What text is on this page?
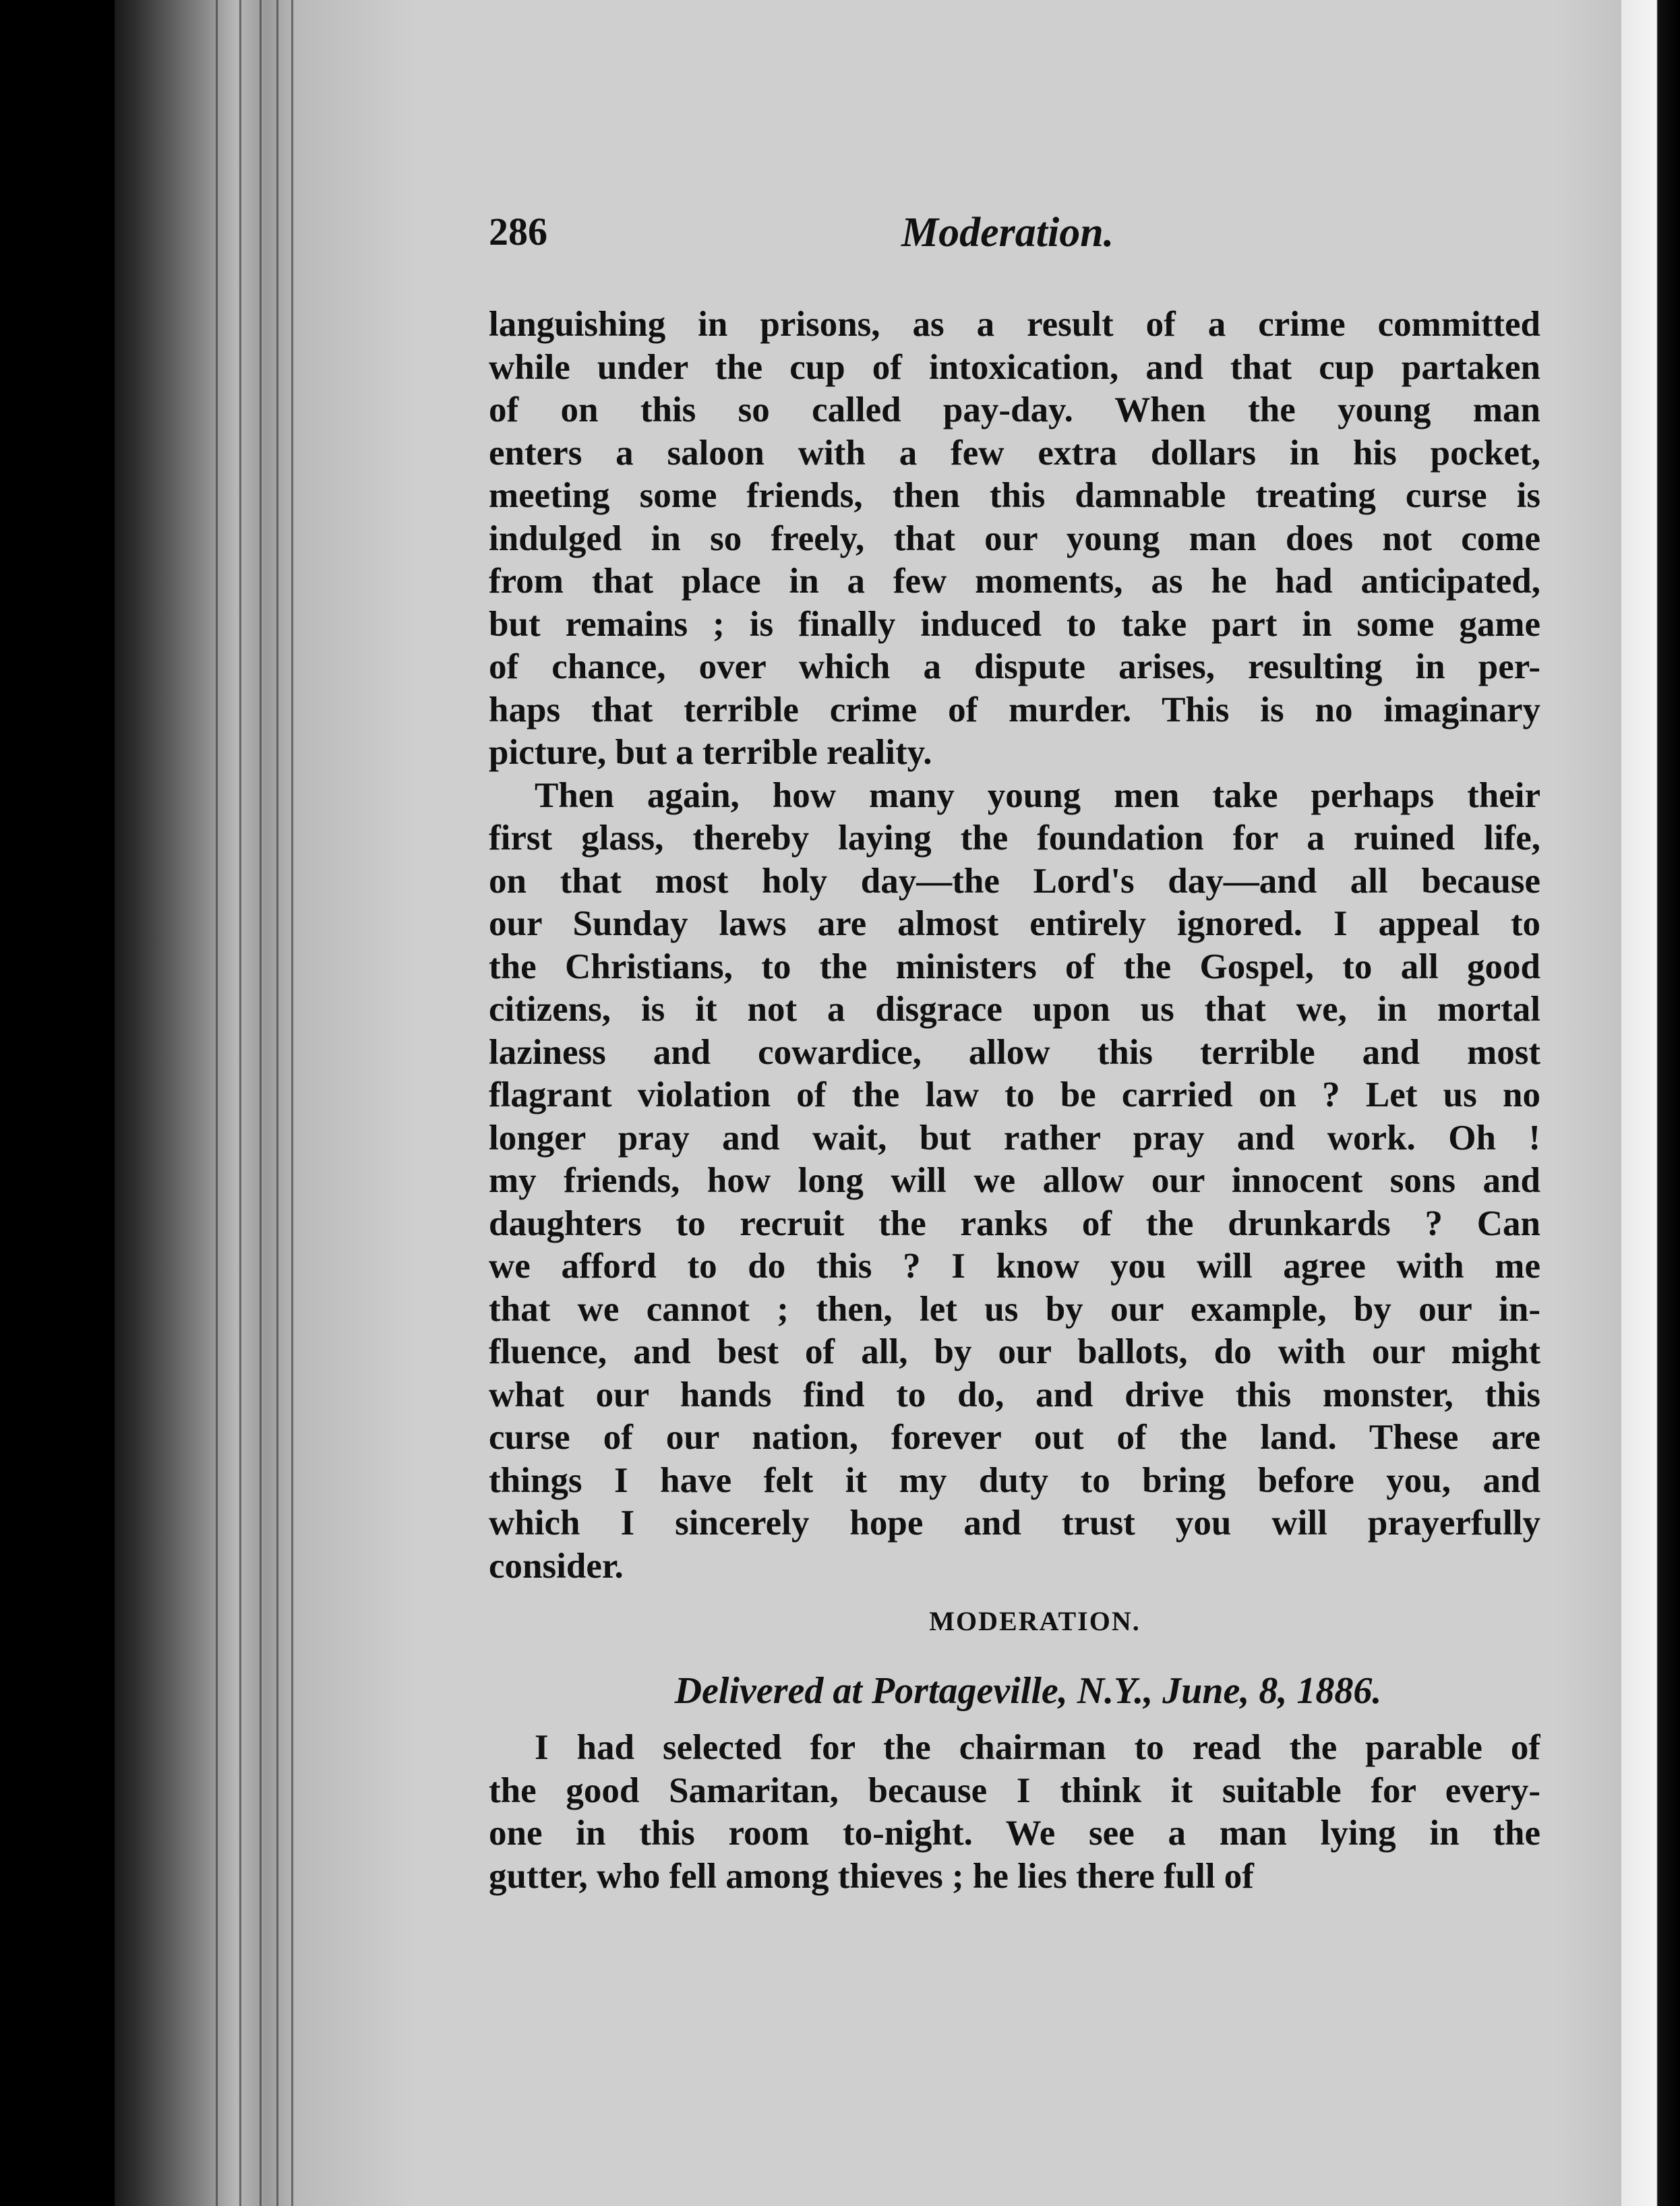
286	Moderation.
languishing in prisons, as a result of a crime committed
while under the cup of intoxication, and that cup partaken
of on this so called pay-day. When the young man
enters a saloon with a few extra dollars in his pocket,
meeting some friends, then this damnable treating curse is
indulged in so freely, that our young man does not come
from that place in a few moments, as he had anticipated,
but remains ; is finally induced to take part in some game
of chance, over which a dispute arises, resulting in per-
haps that terrible crime of murder. This is no imaginary
picture, but a terrible reality.
Then again, how many young men take perhaps their
first glass, thereby laying the foundation for a ruined life,
on that most holy day—the Lord's day—and all because
our Sunday laws are almost entirely ignored. I appeal to
the Christians, to the ministers of the Gospel, to all good
citizens, is it not a disgrace upon us that we, in mortal
laziness and cowardice, allow this terrible and most
flagrant violation of the law to be carried on ? Let us no
longer pray and wait, but rather pray and work. Oh !
my friends, how long will we allow our innocent sons and
daughters to recruit the ranks of the drunkards ? Can
we afford to do this ? I know you will agree with me
that we cannot ; then, let us by our example, by our in-
fluence, and best of all, by our ballots, do with our might
what our hands find to do, and drive this monster, this
curse of our nation, forever out of the land. These are
things I have felt it my duty to bring before you, and
which I sincerely hope and trust you will prayerfully
consider.
MODERATION.
Delivered at Portageville, N.Y., June, 8, 1886.
I had selected for the chairman to read the parable of
the good Samaritan, because I think it suitable for every-
one in this room to-night. We see a man lying in the
gutter, who fell among thieves ; he lies there full of
